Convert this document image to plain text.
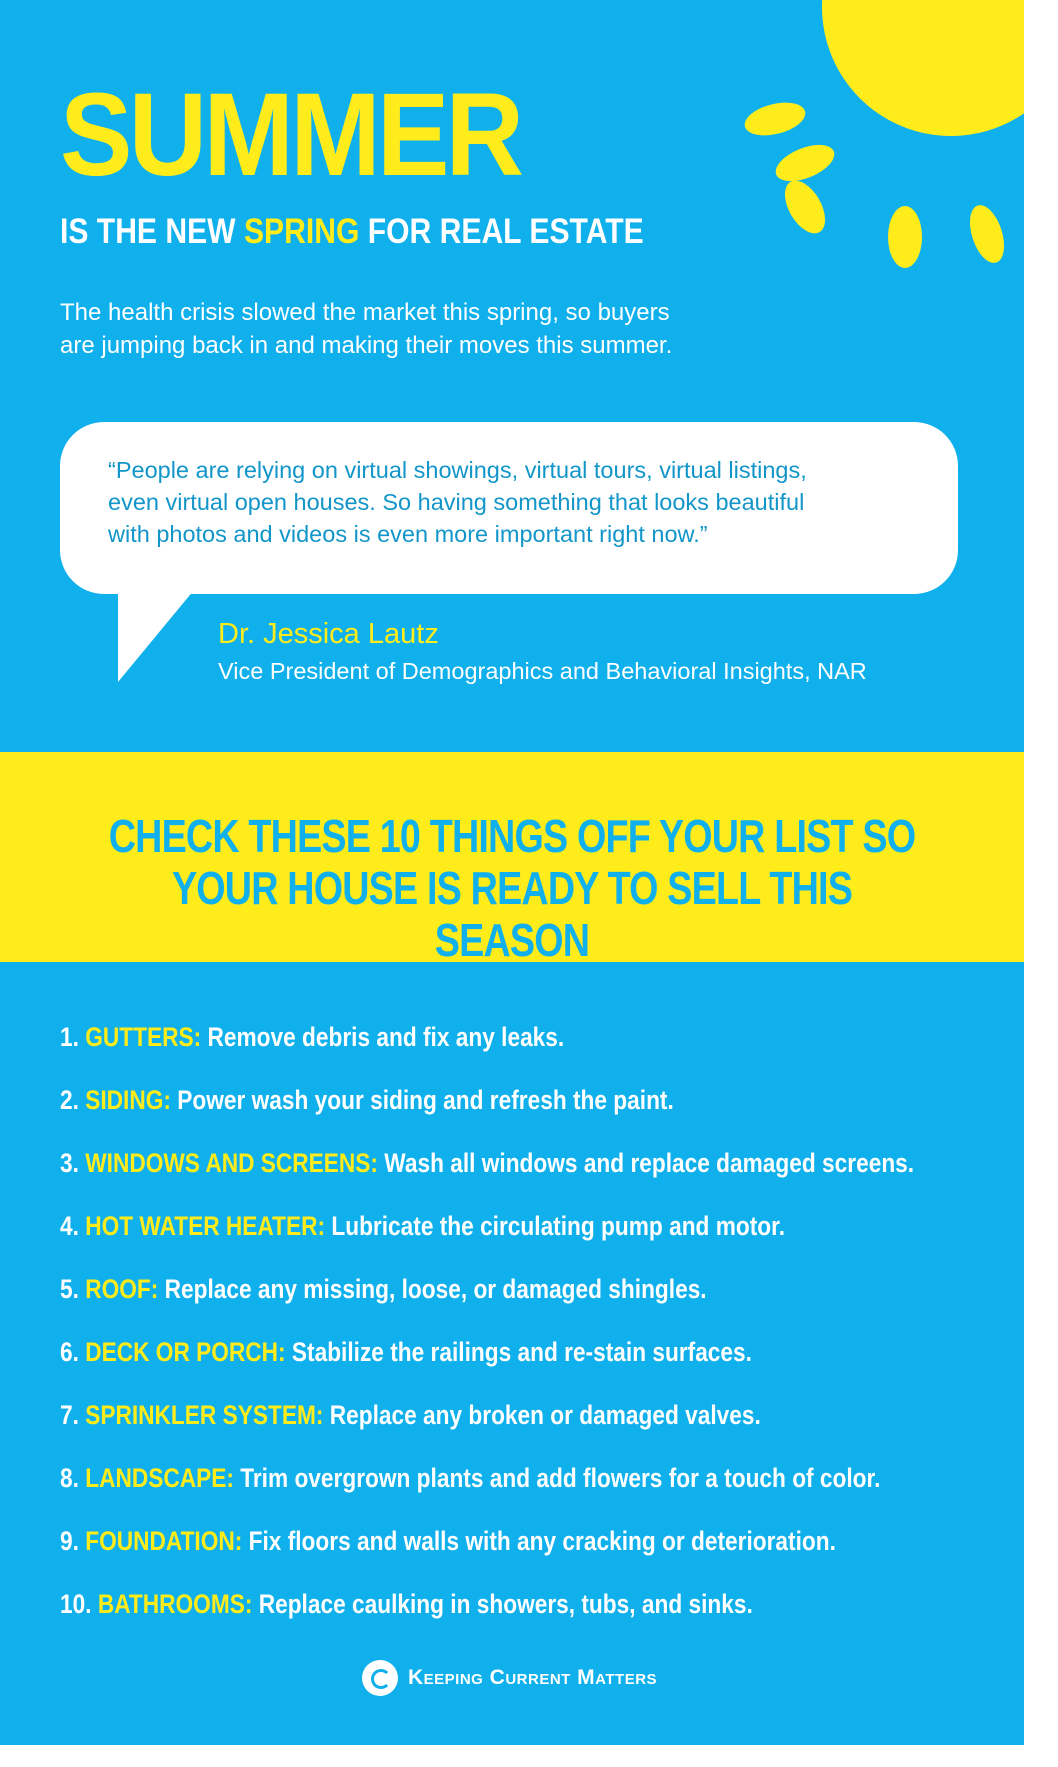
SUMMER
IS THE NEW SPRING FOR REAL ESTATE

The health crisis slowed the market this spring, so buyers
are jumping back in and making their moves this summer.

“People are relying on virtual showings, virtual tours, virtual listings,
even virtual open houses. So having something that looks beautiful
with photos and videos is even more important right now.”

Dr. Jessica Lautz

Vice President of Demographics and Behavioral Insights, NAR

CHECK THESE 10 THINGS OFF YOUR LIST SO
YOUR HOUSE IS READY TO SELL THIS SEASON
1. GUTTERS: Remove debris and fix any leaks.
2. SIDING: Power wash your siding and refresh the paint.
3. WINDOWS AND SCREENS: Wash all windows and replace damaged screens.
4. HOT WATER HEATER: Lubricate the circulating pump and motor.
5. ROOF: Replace any missing, loose, or damaged shingles.
6. DECK OR PORCH: Stabilize the railings and re-stain surfaces.
7. SPRINKLER SYSTEM: Replace any broken or damaged valves.
8. LANDSCAPE: Trim overgrown plants and add flowers for a touch of color.
9. FOUNDATION: Fix floors and walls with any cracking or deterioration.
10. BATHROOMS: Replace caulking in showers, tubs, and sinks.
Keeping Current Matters
